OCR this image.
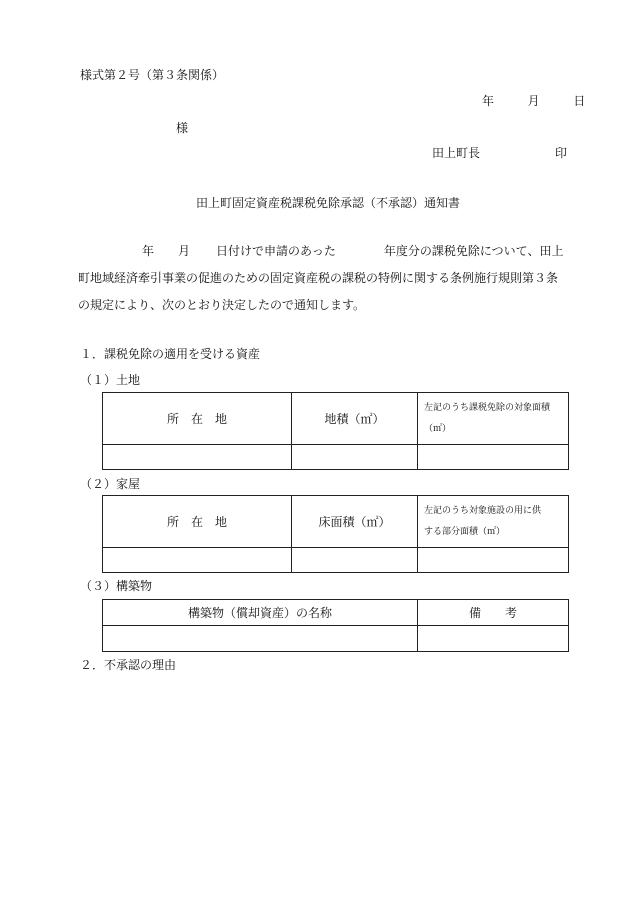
様式第２号（第３条関係）
年	月	日
様
田上町長	印
田上町固定資産税課税免除承認（不承認）通知書
年 月 日付けで申請のあった	年度分の課税免除について、田上
町地域経済牽引事業の促進のための固定資産税の課税の特例に関する条例施行規則第３条
の規定により、次のとおり決定したので通知します。
１．課税免除の適用を受ける資産
（１）土地
所　在　地	地積（㎡）	左記のうち課税免除の対象面積
（㎡）

（２）家屋
所　在　地	床面積（㎡）	左記のうち対象施設の用に供
する部分面積（㎡）

（３）構築物
構築物（償却資産）の名称	備　　考

２．不承認の理由
